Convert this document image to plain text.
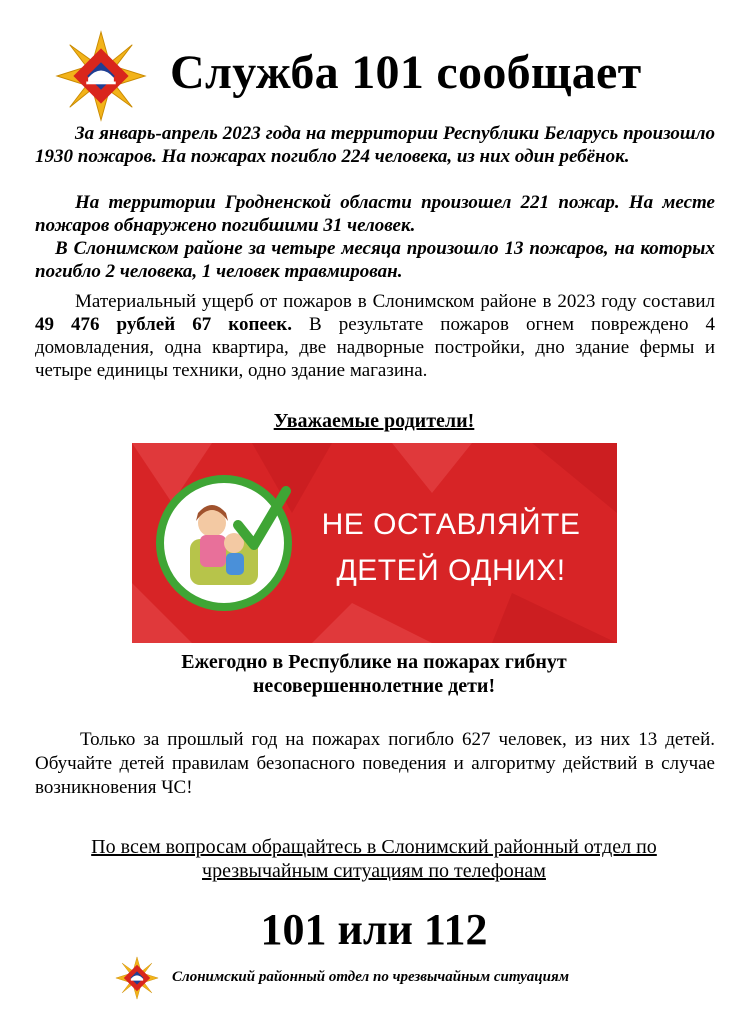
Служба 101 сообщает

За январь-апрель 2023 года на территории Республики Беларусь произошло 1930 пожаров. На пожарах погибло 224 человека, из них один ребёнок.

На территории Гродненской области произошел 221 пожар. На месте пожаров обнаружено погибшими 31 человек.

В Слонимском районе за четыре месяца произошло 13 пожаров, на которых погибло 2 человека, 1 человек травмирован.

Материальный ущерб от пожаров в Слонимском районе в 2023 году составил 49 476 рублей 67 копеек. В результате пожаров огнем повреждено 4 домовладения, одна квартира, две надворные постройки, дно здание фермы и четыре единицы техники, одно здание магазина.

Уважаемые родители!
НЕ ОСТАВЛЯЙТЕ
ДЕТЕЙ ОДНИХ!
Ежегодно в Республике на пожарах гибнут
несовершеннолетние дети!

Только за прошлый год на пожарах погибло 627 человек, из них 13 детей. Обучайте детей правилам безопасного поведения и алгоритму действий в случае возникновения ЧС!

По всем вопросам обращайтесь в Слонимский районный отдел по
чрезвычайным ситуациям по телефонам
101 или 112
Слонимский районный отдел по чрезвычайным ситуациям
